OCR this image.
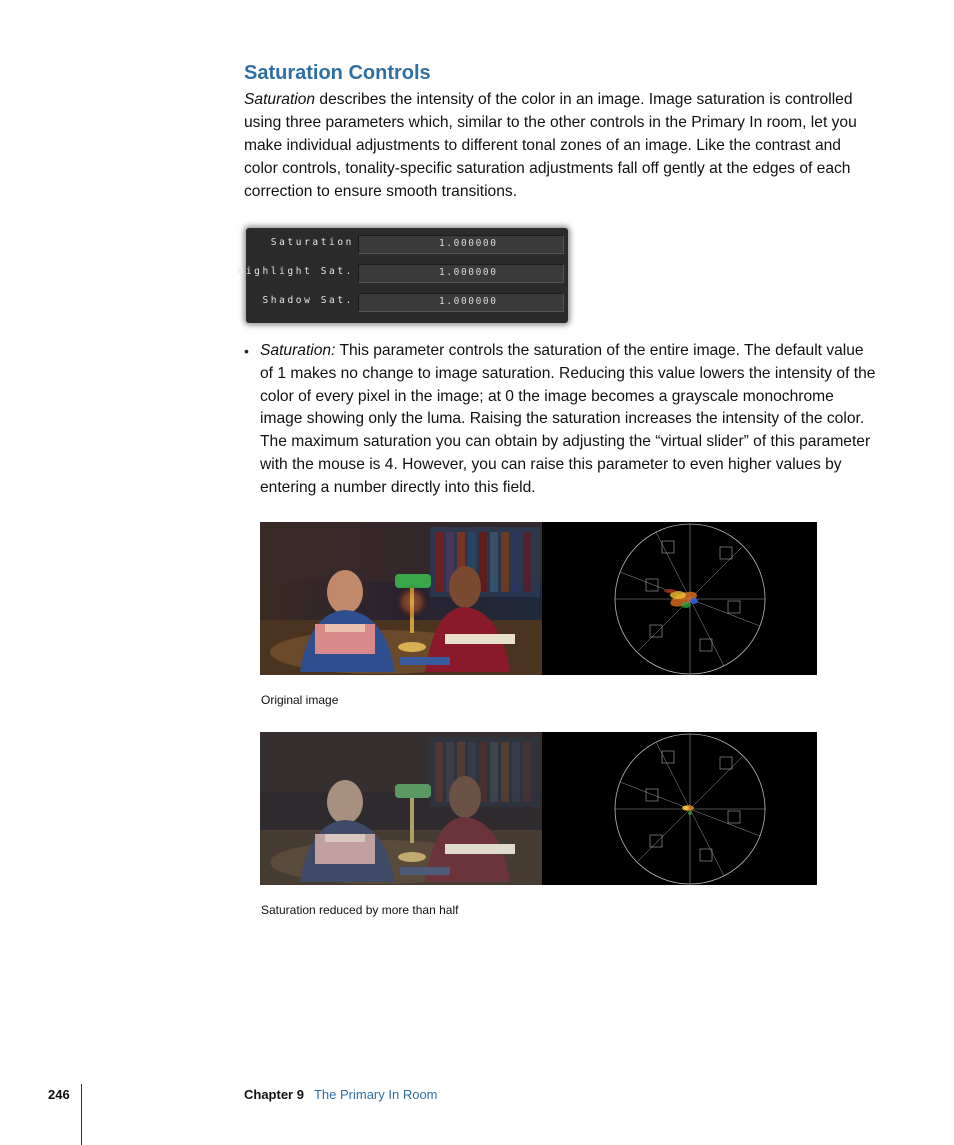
Saturation Controls
Saturation describes the intensity of the color in an image. Image saturation is controlled using three parameters which, similar to the other controls in the Primary In room, let you make individual adjustments to different tonal zones of an image. Like the contrast and color controls, tonality-specific saturation adjustments fall off gently at the edges of each correction to ensure smooth transitions.
Saturation	1.000000
Highlight Sat.	1.000000
Shadow Sat.	1.000000
• Saturation: This parameter controls the saturation of the entire image. The default value of 1 makes no change to image saturation. Reducing this value lowers the intensity of the color of every pixel in the image; at 0 the image becomes a grayscale monochrome image showing only the luma. Raising the saturation increases the intensity of the color. The maximum saturation you can obtain by adjusting the “virtual slider” of this parameter with the mouse is 4. However, you can raise this parameter to even higher values by entering a number directly into this field.
Original image
Saturation reduced by more than half
246	Chapter 9 The Primary In Room
